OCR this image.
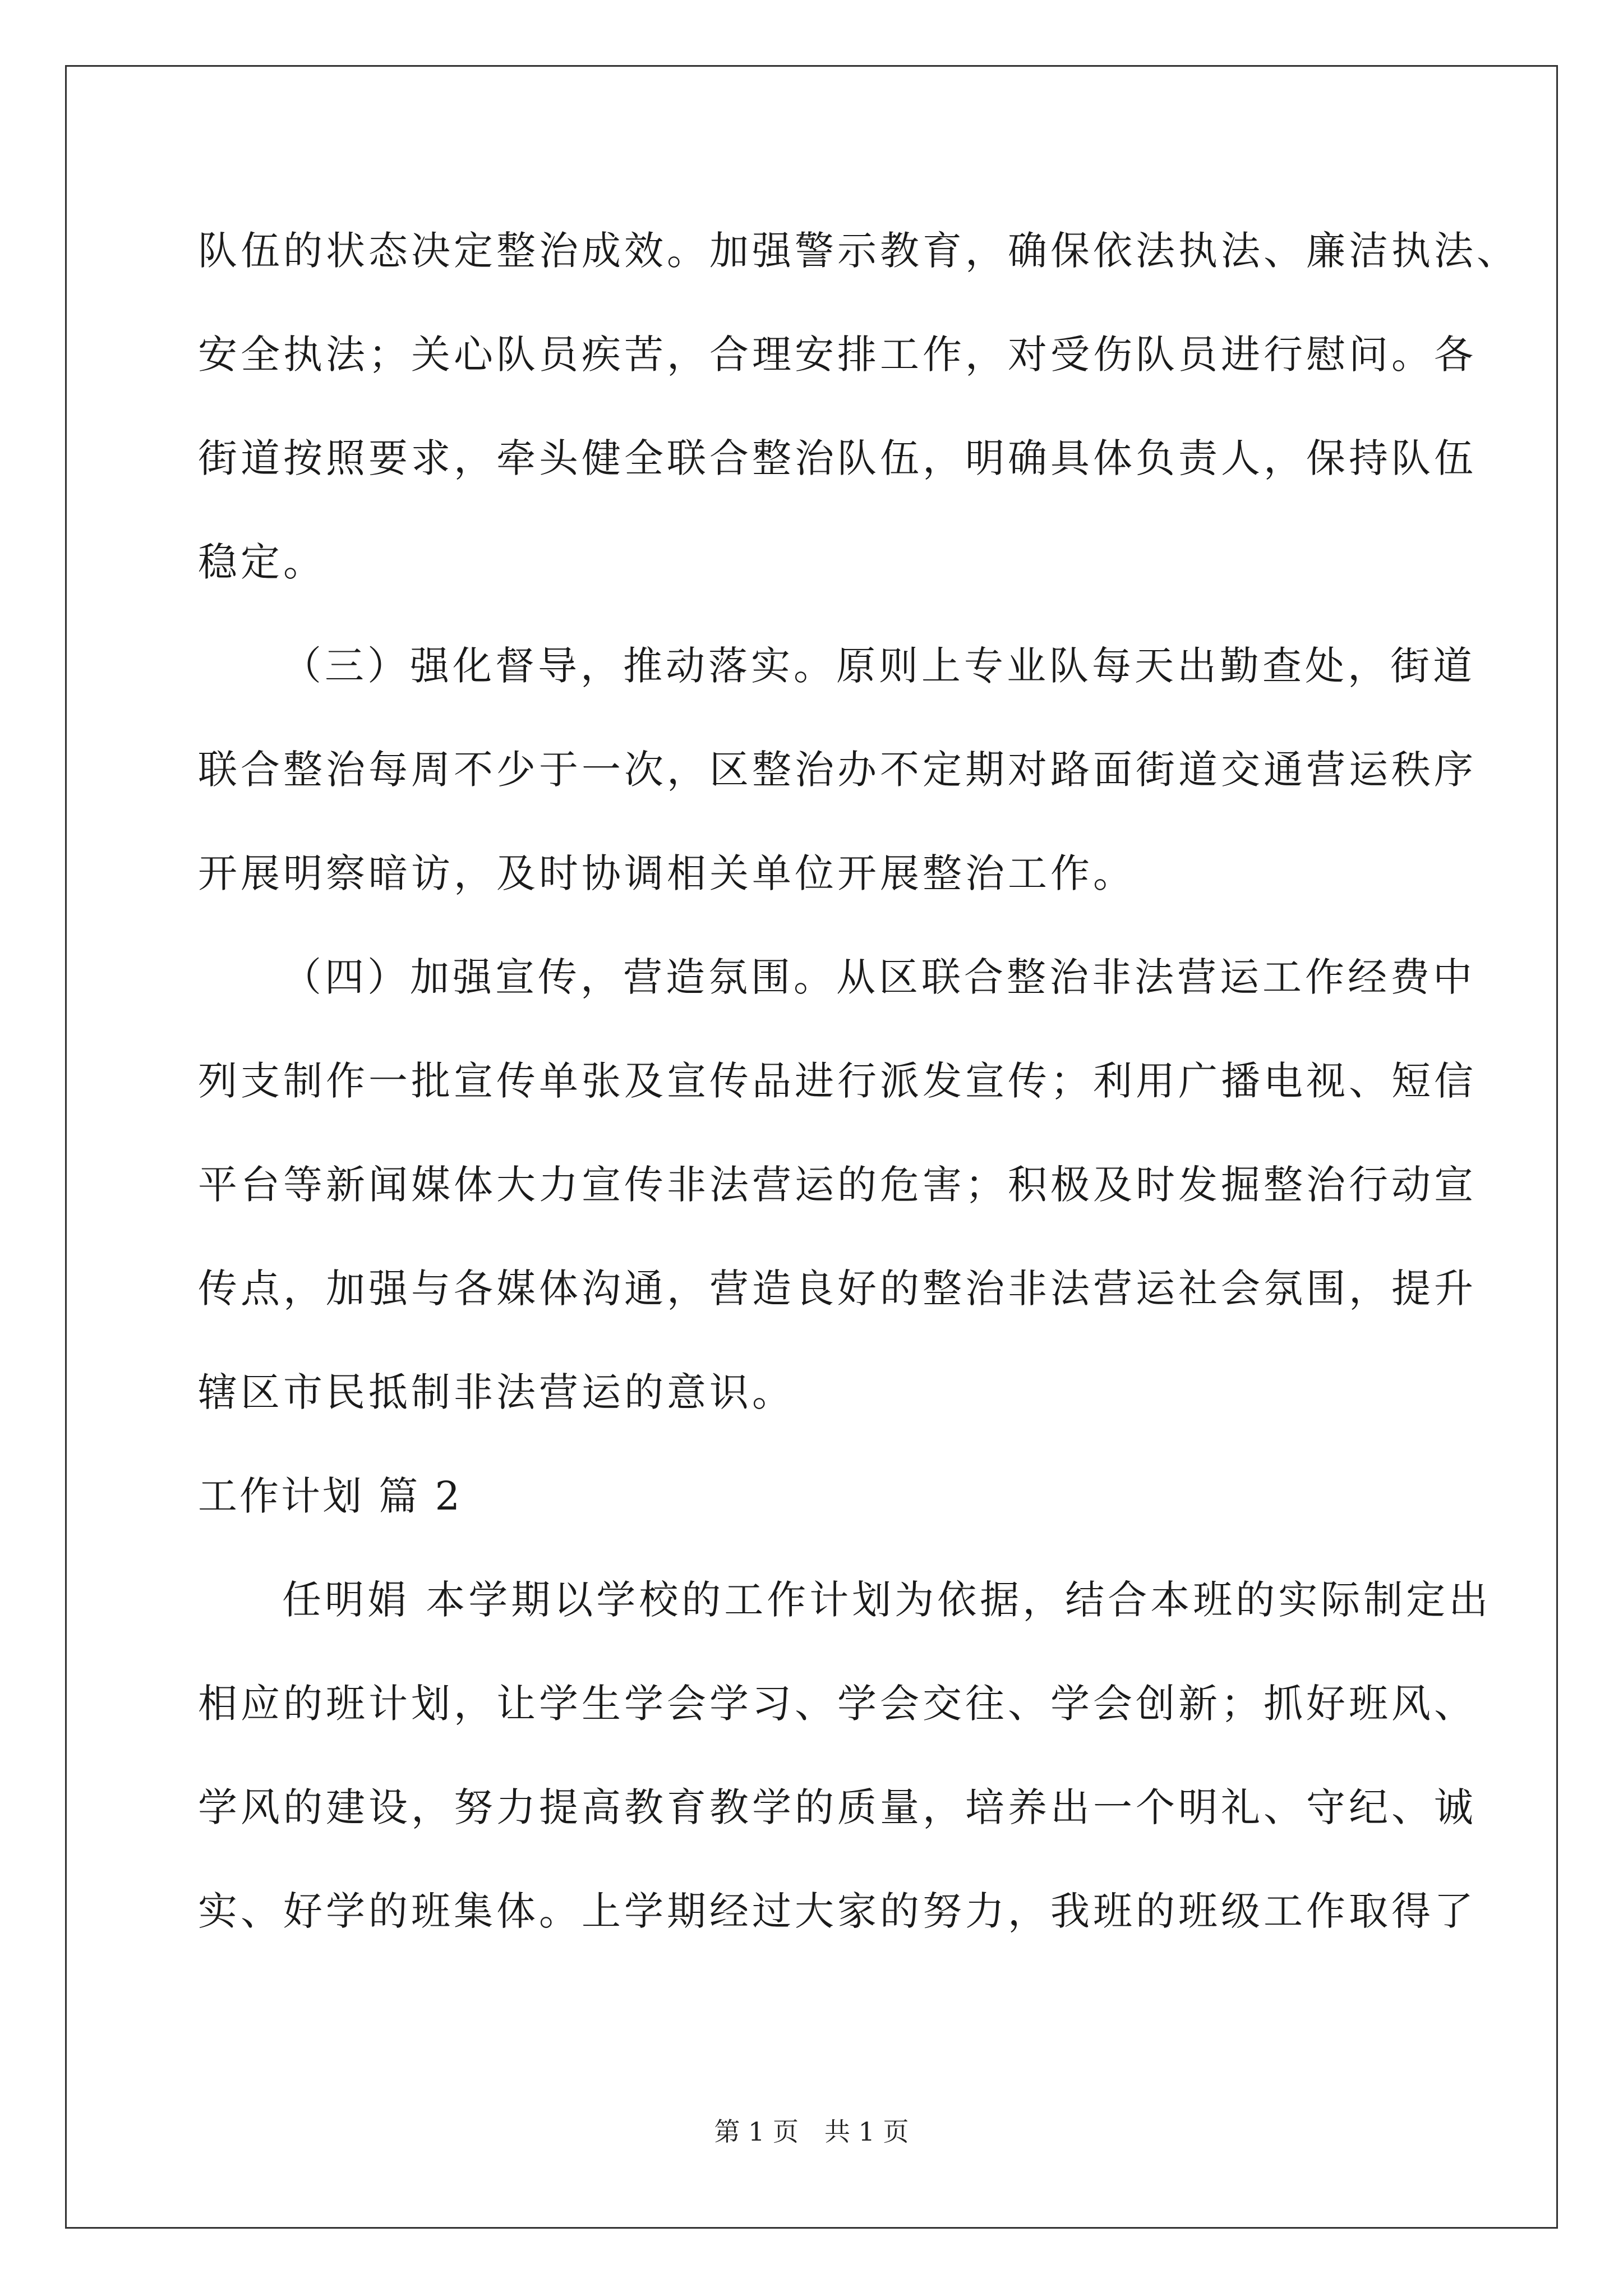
队伍的状态决定整治成效。加强警示教育，确保依法执法、廉洁执法、
安全执法；关心队员疾苦，合理安排工作，对受伤队员进行慰问。各
街道按照要求，牵头健全联合整治队伍，明确具体负责人，保持队伍
稳定。
（三）强化督导，推动落实。原则上专业队每天出勤查处，街道
联合整治每周不少于一次，区整治办不定期对路面街道交通营运秩序
开展明察暗访，及时协调相关单位开展整治工作。
（四）加强宣传，营造氛围。从区联合整治非法营运工作经费中
列支制作一批宣传单张及宣传品进行派发宣传；利用广播电视、短信
平台等新闻媒体大力宣传非法营运的危害；积极及时发掘整治行动宣
传点，加强与各媒体沟通，营造良好的整治非法营运社会氛围，提升
辖区市民抵制非法营运的意识。
工作计划 篇 2
任明娟 本学期以学校的工作计划为依据，结合本班的实际制定出
相应的班计划，让学生学会学习、学会交往、学会创新；抓好班风、
学风的建设，努力提高教育教学的质量，培养出一个明礼、守纪、诚
实、好学的班集体。上学期经过大家的努力，我班的班级工作取得了
第 1 页　共 1 页
